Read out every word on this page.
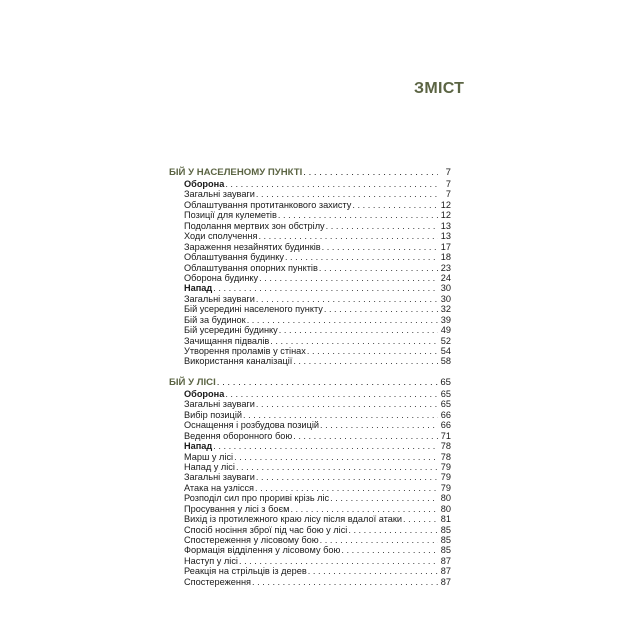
ЗМІСТ
БІЙ У НАСЕЛЕНОМУ ПУНКТІ . . .	7
Оборона . . .	7
Загальні зауваги . . .	7
Облаштування протитанкового захисту . . .	12
Позиції для кулеметів . . .	12
Подолання мертвих зон обстрілу . . .	13
Ходи сполучення . . .	13
Зараження незайнятих будинків . . .	17
Облаштування будинку . . .	18
Облаштування опорних пунктів . . .	23
Оборона будинку . . .	24
Напад . . .	30
Загальні зауваги . . .	30
Бій усередині населеного пункту . . .	32
Бій за будинок . . .	39
Бій усередині будинку . . .	49
Зачищання підвалів . . .	52
Утворення проламів у стінах . . .	54
Використання каналізації . . .	58
БІЙ У ЛІСІ . . .	65
Оборона . . .	65
Загальні зауваги . . .	65
Вибір позицій . . .	66
Оснащення і розбудова позицій . . .	66
Ведення оборонного бою . . .	71
Напад . . .	78
Марш у лісі . . .	78
Напад у лісі . . .	79
Загальні зауваги . . .	79
Атака на узлісся . . .	79
Розподіл сил про прориві крізь ліс . . .	80
Просування у лісі з боєм . . .	80
Вихід із протилежного краю лісу після вдалої атаки . . .	81
Спосіб носіння зброї під час бою у лісі . . .	85
Спостереження у лісовому бою . . .	85
Формація відділення у лісовому бою . . .	85
Наступ у лісі . . .	87
Реакція на стрільців із дерев . . .	87
Спостереження . . .	87
